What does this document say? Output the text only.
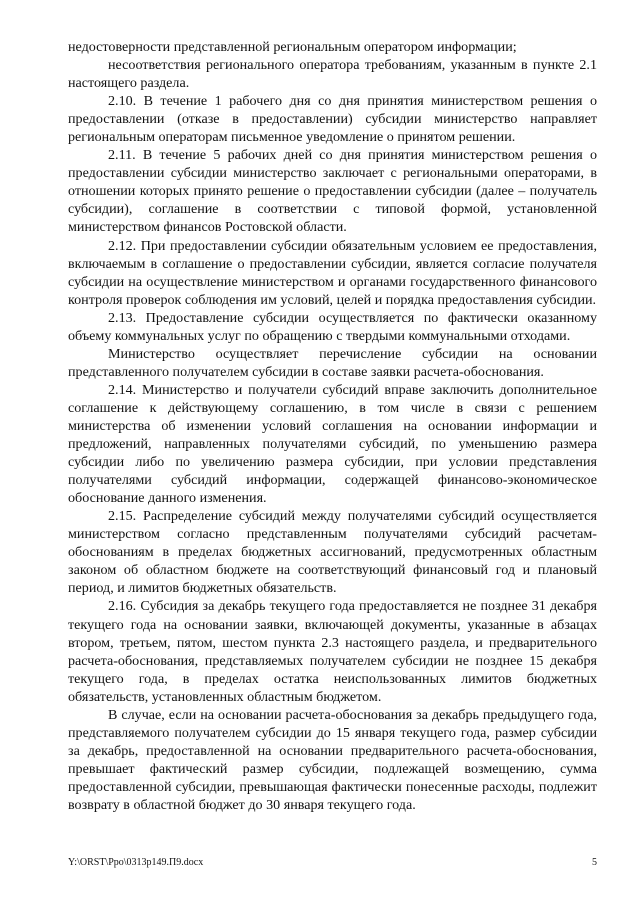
недостоверности представленной региональным оператором информации;

несоответствия регионального оператора требованиям, указанным в пункте 2.1 настоящего раздела.

2.10. В течение 1 рабочего дня со дня принятия министерством решения о предоставлении (отказе в предоставлении) субсидии министерство направляет региональным операторам письменное уведомление о принятом решении.

2.11. В течение 5 рабочих дней со дня принятия министерством решения о предоставлении субсидии министерство заключает с региональными операторами, в отношении которых принято решение о предоставлении субсидии (далее – получатель субсидии), соглашение в соответствии с типовой формой, установленной министерством финансов Ростовской области.

2.12. При предоставлении субсидии обязательным условием ее предоставления, включаемым в соглашение о предоставлении субсидии, является согласие получателя субсидии на осуществление министерством и органами государственного финансового контроля проверок соблюдения им условий, целей и порядка предоставления субсидии.

2.13. Предоставление субсидии осуществляется по фактически оказанному объему коммунальных услуг по обращению с твердыми коммунальными отходами.

Министерство осуществляет перечисление субсидии на основании представленного получателем субсидии в составе заявки расчета-обоснования.

2.14. Министерство и получатели субсидий вправе заключить дополнительное соглашение к действующему соглашению, в том числе в связи с решением министерства об изменении условий соглашения на основании информации и предложений, направленных получателями субсидий, по уменьшению размера субсидии либо по увеличению размера субсидии, при условии представления получателями субсидий информации, содержащей финансово-экономическое обоснование данного изменения.

2.15. Распределение субсидий между получателями субсидий осуществляется министерством согласно представленным получателями субсидий расчетам-обоснованиям в пределах бюджетных ассигнований, предусмотренных областным законом об областном бюджете на соответствующий финансовый год и плановый период, и лимитов бюджетных обязательств.

2.16. Субсидия за декабрь текущего года предоставляется не позднее 31 декабря текущего года на основании заявки, включающей документы, указанные в абзацах втором, третьем, пятом, шестом пункта 2.3 настоящего раздела, и предварительного расчета-обоснования, представляемых получателем субсидии не позднее 15 декабря текущего года, в пределах остатка неиспользованных лимитов бюджетных обязательств, установленных областным бюджетом.

В случае, если на основании расчета-обоснования за декабрь предыдущего года, представляемого получателем субсидии до 15 января текущего года, размер субсидии за декабрь, предоставленной на основании предварительного расчета-обоснования, превышает фактический размер субсидии, подлежащей возмещению, сумма предоставленной субсидии, превышающая фактически понесенные расходы, подлежит возврату в областной бюджет до 30 января текущего года.

Y:\ORST\Ppo\0313p149.П9.docx	5
